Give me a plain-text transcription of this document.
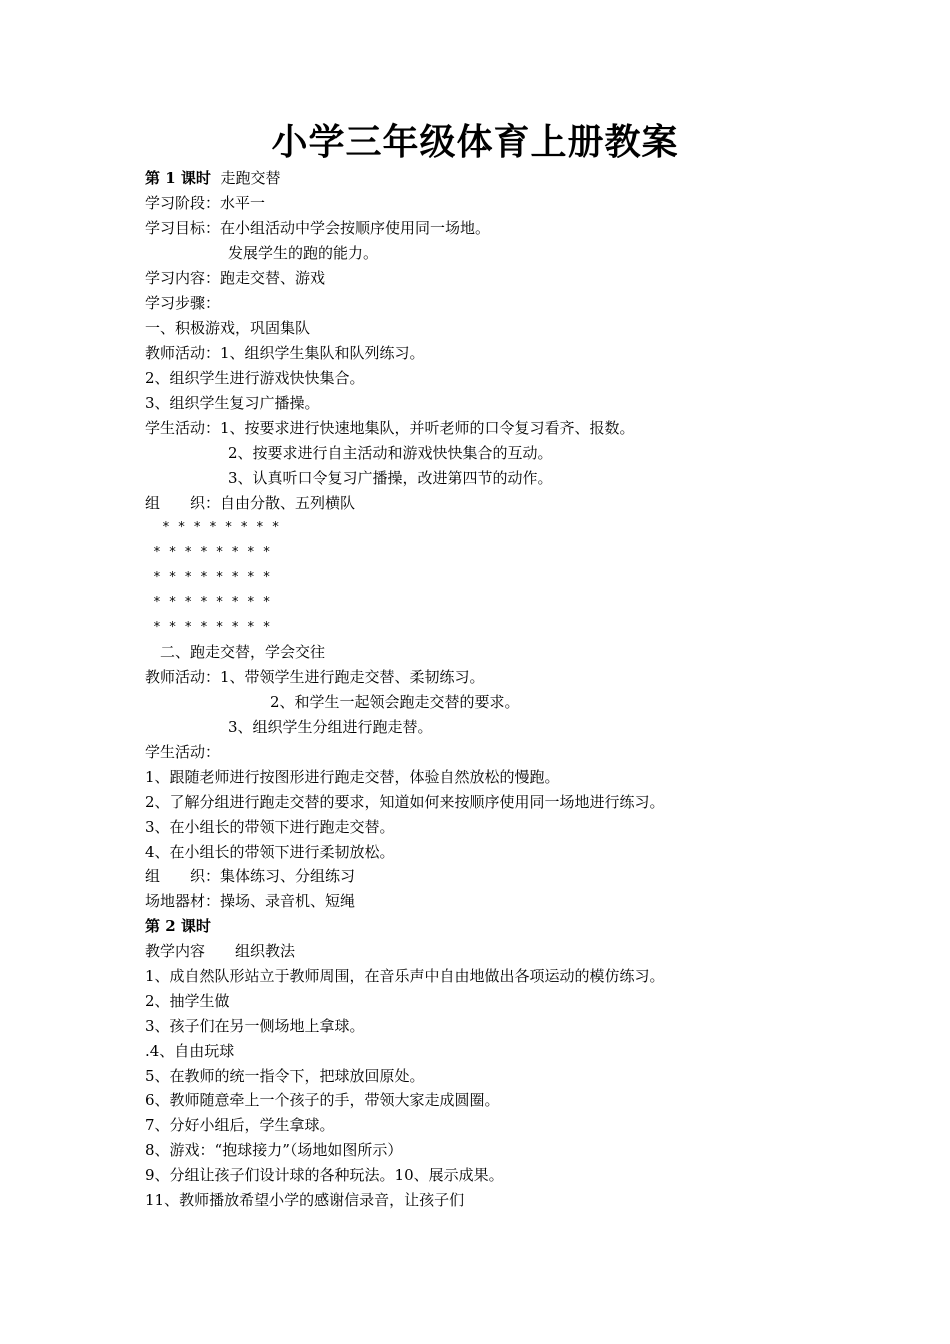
小学三年级体育上册教案
第 1 课时 走跑交替
学习阶段：水平一
学习目标：在小组活动中学会按顺序使用同一场地。
发展学生的跑的能力。
学习内容：跑走交替、游戏
学习步骤：
一、积极游戏，巩固集队
教师活动：1、组织学生集队和队列练习。
2、组织学生进行游戏快快集合。
3、组织学生复习广播操。
学生活动：1、按要求进行快速地集队，并听老师的口令复习看齐、报数。
2、按要求进行自主活动和游戏快快集合的互动。
3、认真听口令复习广播操，改进第四节的动作。
组　　织：自由分散、五列横队
* * * * * * * *
* * * * * * * *
* * * * * * * *
* * * * * * * *
* * * * * * * *
二、跑走交替，学会交往
教师活动：1、带领学生进行跑走交替、柔韧练习。
2、和学生一起领会跑走交替的要求。
3、组织学生分组进行跑走替。
学生活动：
1、跟随老师进行按图形进行跑走交替，体验自然放松的慢跑。
2、了解分组进行跑走交替的要求，知道如何来按顺序使用同一场地进行练习。
3、在小组长的带领下进行跑走交替。
4、在小组长的带领下进行柔韧放松。
组　　织：集体练习、分组练习
场地器材：操场、录音机、短绳
第 2 课时
教学内容　　组织教法
1、成自然队形站立于教师周围，在音乐声中自由地做出各项运动的模仿练习。
2、抽学生做
3、孩子们在另一侧场地上拿球。
.4、自由玩球
5、在教师的统一指令下，把球放回原处。
6、教师随意牵上一个孩子的手，带领大家走成圆圈。
7、分好小组后，学生拿球。
8、游戏：“抱球接力”（场地如图所示）
9、分组让孩子们设计球的各种玩法。10、展示成果。
11、教师播放希望小学的感谢信录音，让孩子们
